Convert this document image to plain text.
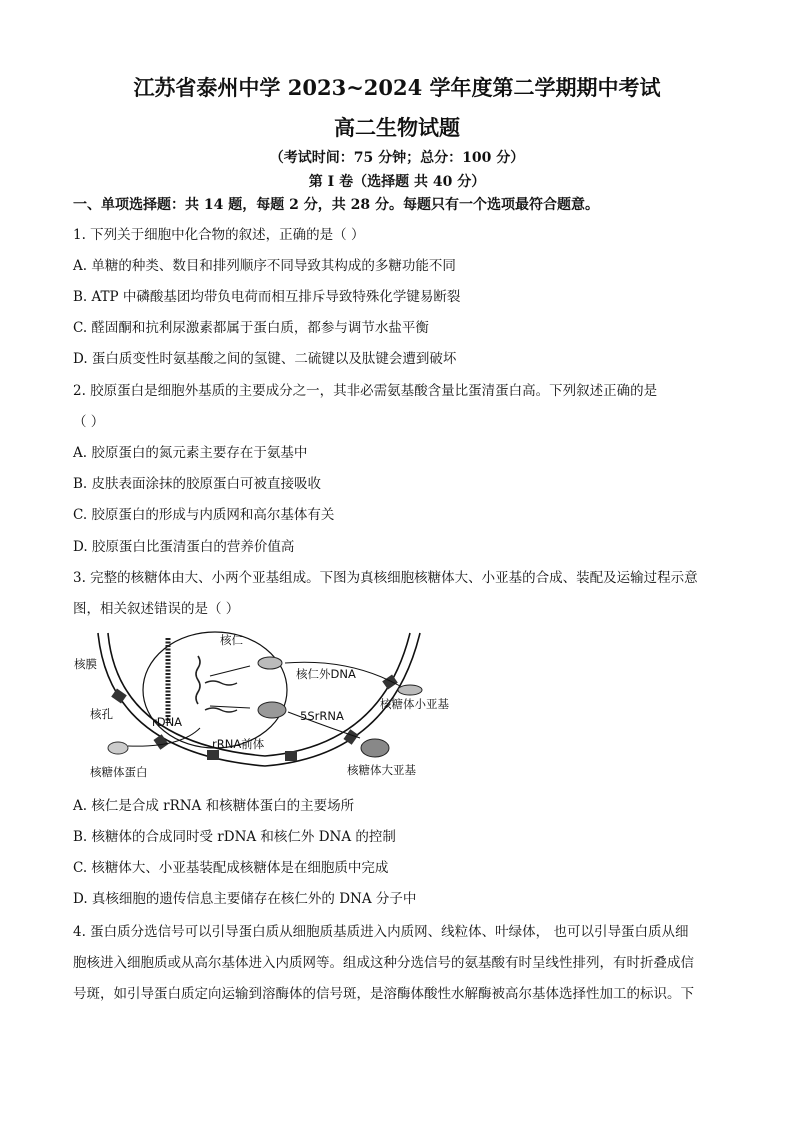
江苏省泰州中学 2023~2024 学年度第二学期期中考试
高二生物试题
（考试时间：75 分钟；总分：100 分）
第 I 卷（选择题 共 40 分）
一、单项选择题：共 14 题，每题 2 分，共 28 分。每题只有一个选项最符合题意。
1. 下列关于细胞中化合物的叙述，正确的是（ ）
A. 单糖的种类、数目和排列顺序不同导致其构成的多糖功能不同
B. ATP 中磷酸基团均带负电荷而相互排斥导致特殊化学键易断裂
C. 醛固酮和抗利尿激素都属于蛋白质，都参与调节水盐平衡
D. 蛋白质变性时氨基酸之间的氢键、二硫键以及肽键会遭到破坏
2. 胶原蛋白是细胞外基质的主要成分之一，其非必需氨基酸含量比蛋清蛋白高。下列叙述正确的是
（ ）
A. 胶原蛋白的氮元素主要存在于氨基中
B. 皮肤表面涂抹的胶原蛋白可被直接吸收
C. 胶原蛋白的形成与内质网和高尔基体有关
D. 胶原蛋白比蛋清蛋白的营养价值高
3. 完整的核糖体由大、小两个亚基组成。下图为真核细胞核糖体大、小亚基的合成、装配及运输过程示意
图，相关叙述错误的是（ ）
核仁
核膜
核仁外DNA
核糖体小亚基
核孔
rDNA	5SrRNA
rRNA前体
核糖体大亚基
核糖体蛋白
A. 核仁是合成 rRNA 和核糖体蛋白的主要场所
B. 核糖体的合成同时受 rDNA 和核仁外 DNA 的控制
C. 核糖体大、小亚基装配成核糖体是在细胞质中完成
D. 真核细胞的遗传信息主要储存在核仁外的 DNA 分子中
4. 蛋白质分选信号可以引导蛋白质从细胞质基质进入内质网、线粒体、叶绿体， 也可以引导蛋白质从细
胞核进入细胞质或从高尔基体进入内质网等。组成这种分选信号的氨基酸有时呈线性排列，有时折叠成信
号斑，如引导蛋白质定向运输到溶酶体的信号斑，是溶酶体酸性水解酶被高尔基体选择性加工的标识。下
